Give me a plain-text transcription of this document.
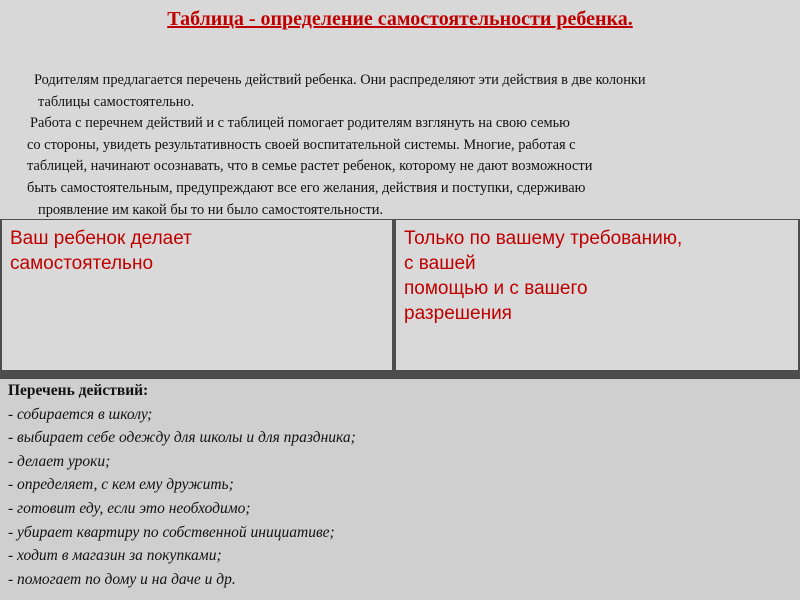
Таблица - определение самостоятельности ребенка.
Родителям предлагается перечень действий ребенка. Они распределяют эти действия в две колонки
таблицы самостоятельно.
Работа с перечнем действий и с таблицей помогает родителям взглянуть на свою семью
со стороны, увидеть результативность своей воспитательной системы. Многие, работая с
таблицей, начинают осознавать, что в семье растет ребенок, которому не дают возможности
быть самостоятельным, предупреждают все его желания, действия и поступки, сдерживаю
проявление им какой бы то ни было самостоятельности.
Ваш ребенок делает
самостоятельно
Только по вашему требованию,
с вашей
помощью и с вашего
разрешения
Перечень действий:
- собирается в школу;
- выбирает себе одежду для школы и для праздника;
- делает уроки;
- определяет, с кем ему дружить;
- готовит еду, если это необходимо;
- убирает квартиру по собственной инициативе;
- ходит в магазин за покупками;
- помогает по дому и на даче и др.
